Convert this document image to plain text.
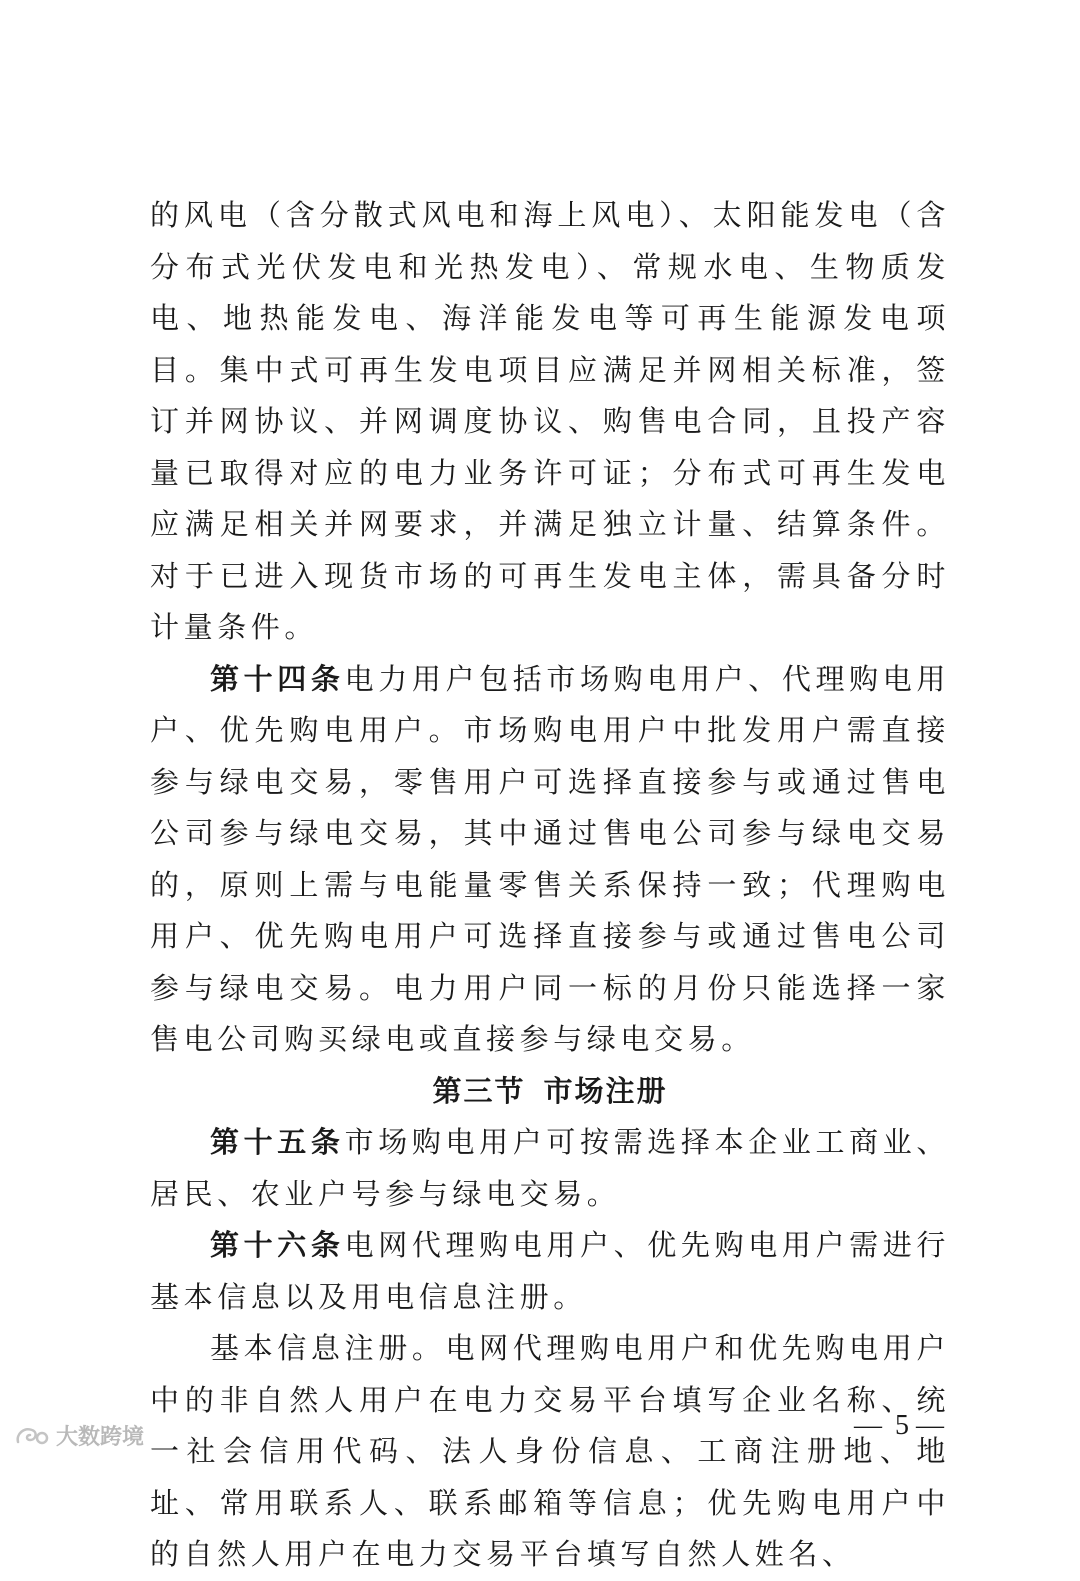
的风电（含分散式风电和海上风电）、太阳能发电（含分布式光伏发电和光热发电）、常规水电、生物质发电、地热能发电、海洋能发电等可再生能源发电项目。集中式可再生发电项目应满足并网相关标准，签订并网协议、并网调度协议、购售电合同，且投产容量已取得对应的电力业务许可证；分布式可再生发电应满足相关并网要求，并满足独立计量、结算条件。对于已进入现货市场的可再生发电主体，需具备分时计量条件。

第十四条电力用户包括市场购电用户、代理购电用户、优先购电用户。市场购电用户中批发用户需直接参与绿电交易，零售用户可选择直接参与或通过售电公司参与绿电交易，其中通过售电公司参与绿电交易的，原则上需与电能量零售关系保持一致；代理购电用户、优先购电用户可选择直接参与或通过售电公司参与绿电交易。电力用户同一标的月份只能选择一家售电公司购买绿电或直接参与绿电交易。

第三节 市场注册

第十五条市场购电用户可按需选择本企业工商业、居民、农业户号参与绿电交易。

第十六条电网代理购电用户、优先购电用户需进行基本信息以及用电信息注册。

基本信息注册。电网代理购电用户和优先购电用户中的非自然人用户在电力交易平台填写企业名称、统一社会信用代码、法人身份信息、工商注册地、地址、常用联系人、联系邮箱等信息；优先购电用户中的自然人用户在电力交易平台填写自然人姓名、

大数跨境	— 5 —
